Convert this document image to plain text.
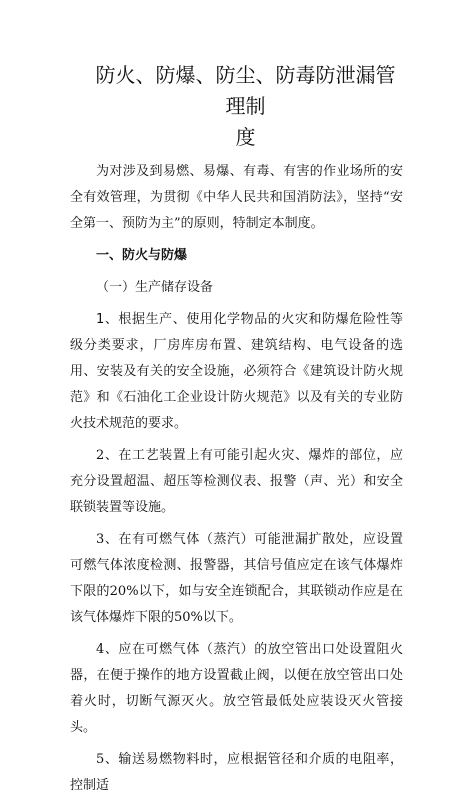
防火、防爆、防尘、防毒防泄漏管理制
度

为对涉及到易燃、易爆、有毒、有害的作业场所的安全有效管理，为贯彻《中华人民共和国消防法》，坚持“安全第一、预防为主”的原则，特制定本制度。

一、防火与防爆

（一）生产储存设备

1、根据生产、使用化学物品的火灾和防爆危险性等级分类要求，厂房库房布置、建筑结构、电气设备的选用、安装及有关的安全设施，必须符合《建筑设计防火规范》和《石油化工企业设计防火规范》以及有关的专业防火技术规范的要求。

2、在工艺装置上有可能引起火灾、爆炸的部位，应充分设置超温、超压等检测仪表、报警（声、光）和安全联锁装置等设施。

3、在有可燃气体（蒸汽）可能泄漏扩散处，应设置可燃气体浓度检测、报警器，其信号值应定在该气体爆炸下限的20%以下，如与安全连锁配合，其联锁动作应是在该气体爆炸下限的50%以下。

4、应在可燃气体（蒸汽）的放空管出口处设置阻火器，在便于操作的地方设置截止阀，以便在放空管出口处着火时，切断气源灭火。放空管最低处应装设灭火管接头。

5、输送易燃物料时，应根据管径和介质的电阻率，控制适
